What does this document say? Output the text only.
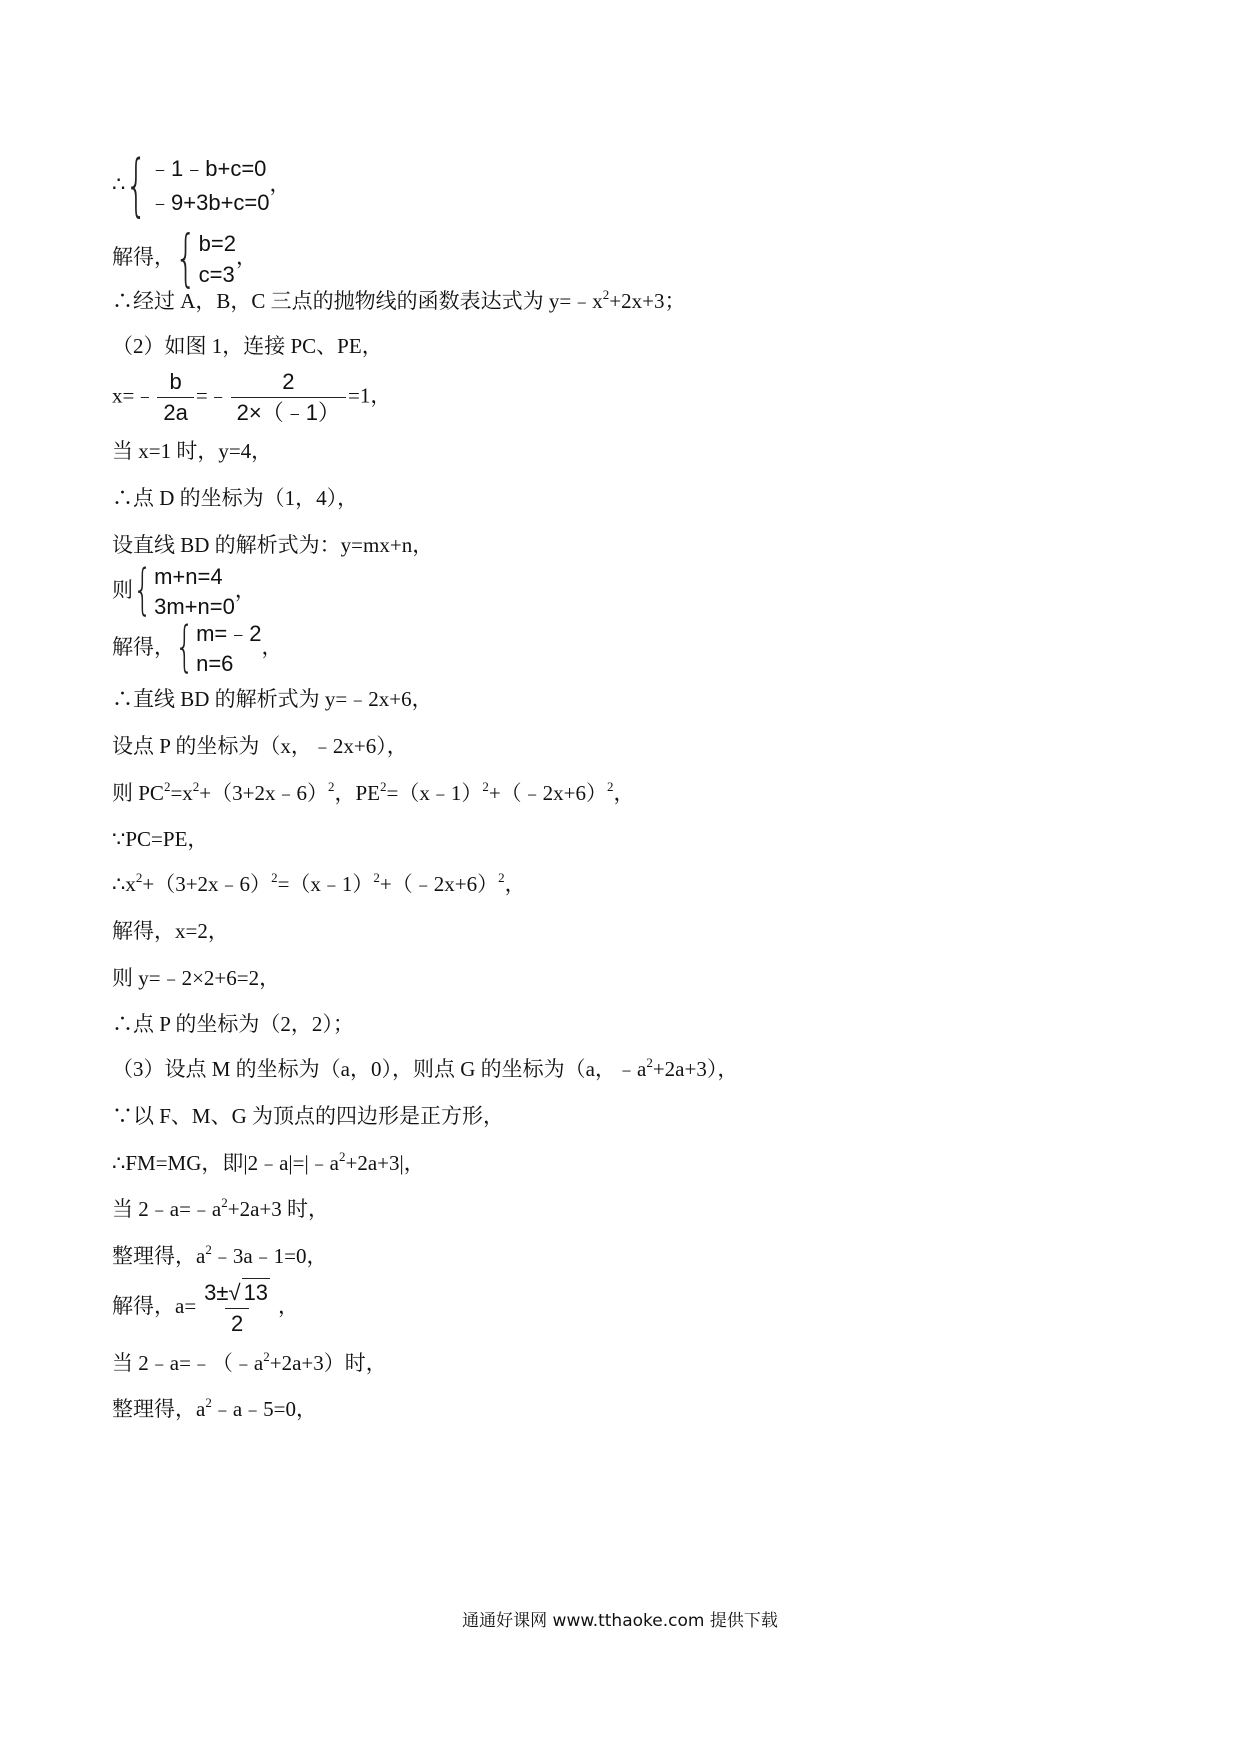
∴ { ﹣1﹣b+c=0
﹣9+3b+c=0
，
解得， { b=2
c=3
，
∴经过 A，B，C 三点的抛物线的函数表达式为 $y=﹣x^2+2x+3$；
（2）如图 1，连接 PC、PE，
x=﹣ $\frac{b}{2a}$ =﹣ $\frac{2}{2\times(﹣1)} =1$，
当 x=1 时，y=4，
∴点 D 的坐标为（1，4），
设直线 BD 的解析式为：y=mx+n，
则 { m+n=4
3m+n=0
，
解得， { m=﹣2
n=6
，
∴直线 BD 的解析式为 y=﹣2x+6，
设点 P 的坐标为（x，﹣2x+6），
则 $PC^2=x^2+(3+2x﹣6)^2$，$PE^2=(x﹣1)^2+(﹣2x+6)^2$，
∵PC=PE，
$\therefore x^2+(3+2x﹣6)^2=(x﹣1)^2+(﹣2x+6)^2$，
解得，x=2，
则 y=﹣2×2+6=2，
∴点 P 的坐标为（2，2）；
（3）设点 M 的坐标为（a，0），则点 G 的坐标为（a，$﹣a^2+2a+3$），
∵以 F、M、G 为顶点的四边形是正方形，
∴FM=MG，即$|2﹣a|=|﹣a^2+2a+3|$，
当 $2﹣a=﹣a^2+2a+3$ 时，
整理得，$a^2﹣3a﹣1=0$，
解得，$a= \frac{3\pm √ 13}{2}$ ，
当 $2﹣a=﹣(﹣a^2+2a+3)$时，
整理得，$a^2﹣a﹣5=0$，
通通好课网 www.tthaoke.com 提供下载
